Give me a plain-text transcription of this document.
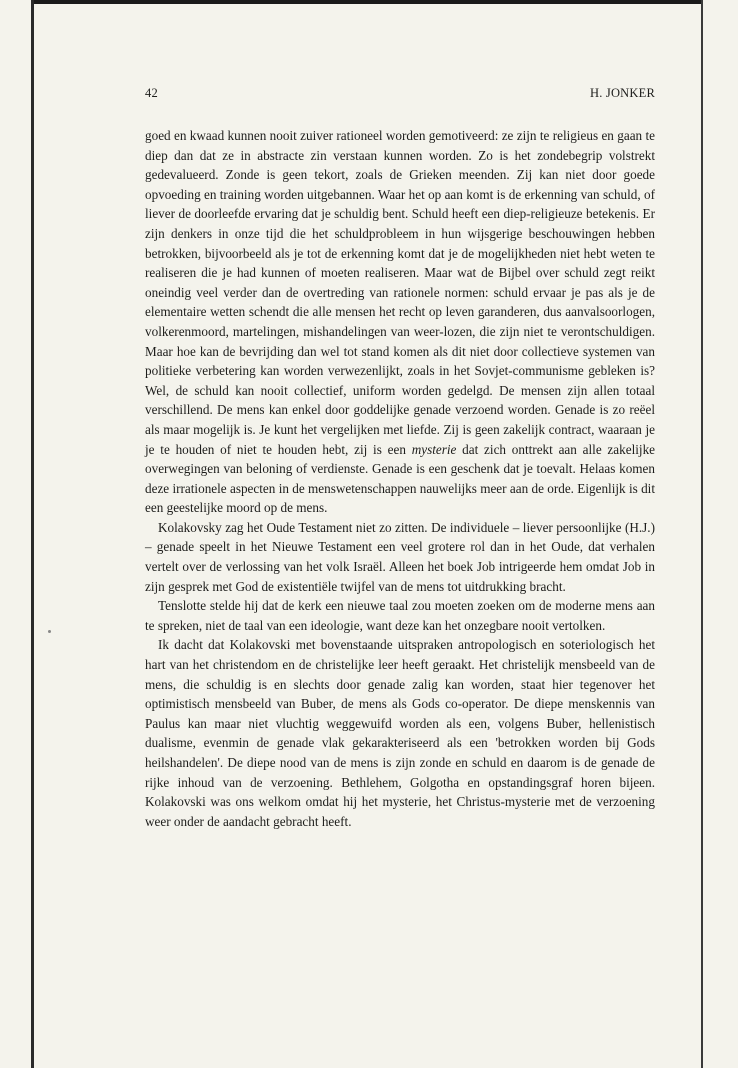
42	H. JONKER

goed en kwaad kunnen nooit zuiver rationeel worden gemotiveerd: ze zijn te religieus en gaan te diep dan dat ze in abstracte zin verstaan kunnen worden. Zo is het zondebegrip volstrekt gedevalueerd. Zonde is geen tekort, zoals de Grieken meenden. Zij kan niet door goede opvoeding en training worden uitgebannen. Waar het op aan komt is de erkenning van schuld, of liever de doorleefde ervaring dat je schuldig bent. Schuld heeft een diep-religieuze betekenis. Er zijn denkers in onze tijd die het schuldprobleem in hun wijsgerige beschouwingen hebben betrokken, bijvoorbeeld als je tot de erkenning komt dat je de mogelijkheden niet hebt weten te realiseren die je had kunnen of moeten realiseren. Maar wat de Bijbel over schuld zegt reikt oneindig veel verder dan de overtreding van rationele normen: schuld ervaar je pas als je de elementaire wetten schendt die alle mensen het recht op leven garanderen, dus aanvalsoorlogen, volkerenmoord, martelingen, mishandelingen van weer-lozen, die zijn niet te verontschuldigen. Maar hoe kan de bevrijding dan wel tot stand komen als dit niet door collectieve systemen van politieke verbetering kan worden verwezenlijkt, zoals in het Sovjet-communisme gebleken is? Wel, de schuld kan nooit collectief, uniform worden gedelgd. De mensen zijn allen totaal verschillend. De mens kan enkel door goddelijke genade verzoend worden. Genade is zo reëel als maar mogelijk is. Je kunt het vergelijken met liefde. Zij is geen zakelijk contract, waaraan je je te houden of niet te houden hebt, zij is een mysterie dat zich onttrekt aan alle zakelijke overwegingen van beloning of verdienste. Genade is een geschenk dat je toevalt. Helaas komen deze irrationele aspecten in de menswetenschappen nauwelijks meer aan de orde. Eigenlijk is dit een geestelijke moord op de mens.

Kolakovsky zag het Oude Testament niet zo zitten. De individuele – liever persoonlijke (H.J.) – genade speelt in het Nieuwe Testament een veel grotere rol dan in het Oude, dat verhalen vertelt over de verlossing van het volk Israël. Alleen het boek Job intrigeerde hem omdat Job in zijn gesprek met God de existentiële twijfel van de mens tot uitdrukking bracht.

Tenslotte stelde hij dat de kerk een nieuwe taal zou moeten zoeken om de moderne mens aan te spreken, niet de taal van een ideologie, want deze kan het onzegbare nooit vertolken.

Ik dacht dat Kolakovski met bovenstaande uitspraken antropologisch en soteriologisch het hart van het christendom en de christelijke leer heeft geraakt. Het christelijk mensbeeld van de mens, die schuldig is en slechts door genade zalig kan worden, staat hier tegenover het optimistisch mensbeeld van Buber, de mens als Gods co-operator. De diepe menskennis van Paulus kan maar niet vluchtig weggewuifd worden als een, volgens Buber, hellenistisch dualisme, evenmin de genade vlak gekarakteriseerd als een 'betrokken worden bij Gods heilshandelen'. De diepe nood van de mens is zijn zonde en schuld en daarom is de genade de rijke inhoud van de verzoening. Bethlehem, Golgotha en opstandingsgraf horen bijeen. Kolakovski was ons welkom omdat hij het mysterie, het Christus-mysterie met de verzoening weer onder de aandacht gebracht heeft.
